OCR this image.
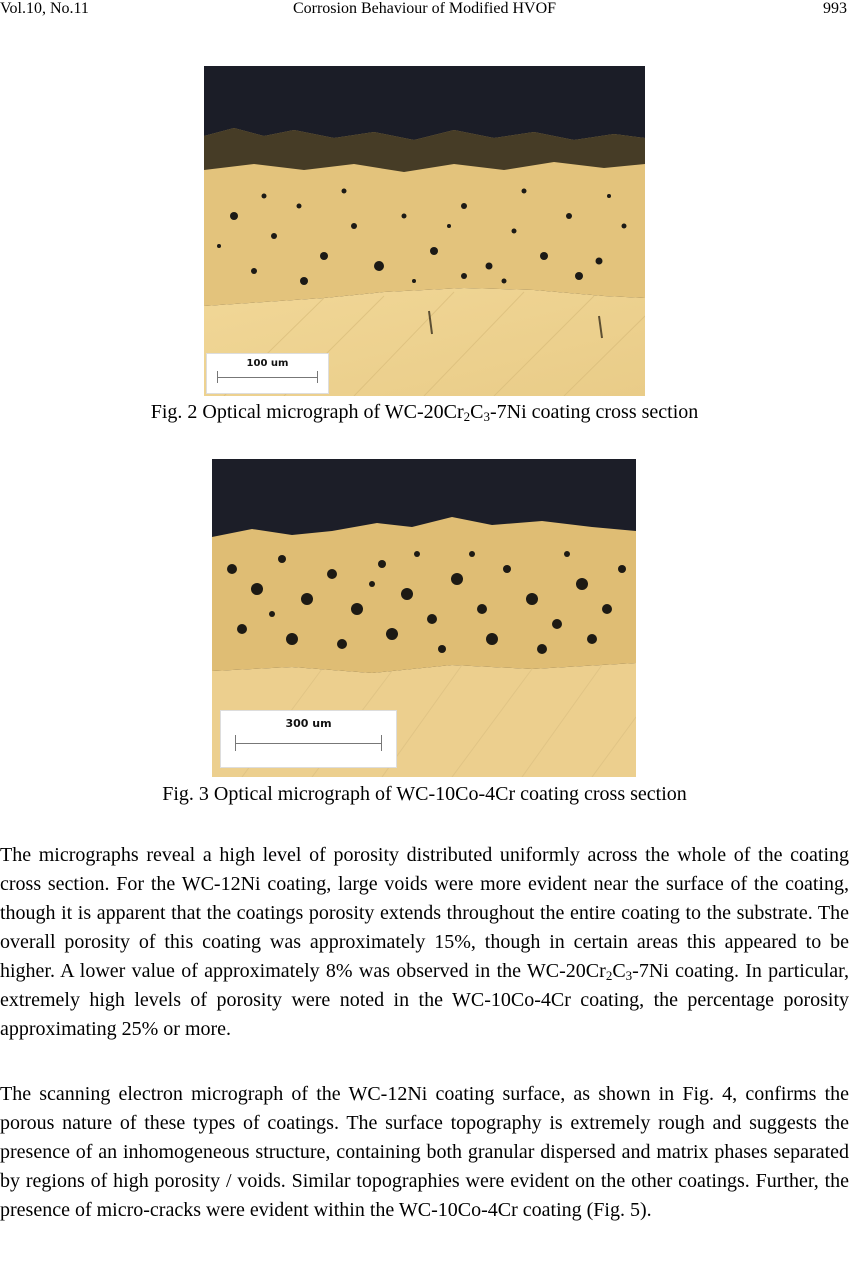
Vol.10, No.11	Corrosion Behaviour of Modified HVOF	993
100 um
Fig. 2 Optical micrograph of $WC-20Cr_2C_3-7Ni$ coating cross section
300 um
Fig. 3 Optical micrograph of WC-10Co-4Cr coating cross section

The micrographs reveal a high level of porosity distributed uniformly across the whole of the coating cross section. For the WC-12Ni coating, large voids were more evident near the surface of the coating, though it is apparent that the coatings porosity extends throughout the entire coating to the substrate. The overall porosity of this coating was approximately 15%, though in certain areas this appeared to be higher. A lower value of approximately 8% was observed in the $WC-20Cr_2C_3-7Ni$ coating. In particular, extremely high levels of porosity were noted in the WC-10Co-4Cr coating, the percentage porosity approximating 25% or more.

The scanning electron micrograph of the WC-12Ni coating surface, as shown in Fig. 4, confirms the porous nature of these types of coatings. The surface topography is extremely rough and suggests the presence of an inhomogeneous structure, containing both granular dispersed and matrix phases separated by regions of high porosity / voids. Similar topographies were evident on the other coatings. Further, the presence of micro-cracks were evident within the WC-10Co-4Cr coating (Fig. 5).
